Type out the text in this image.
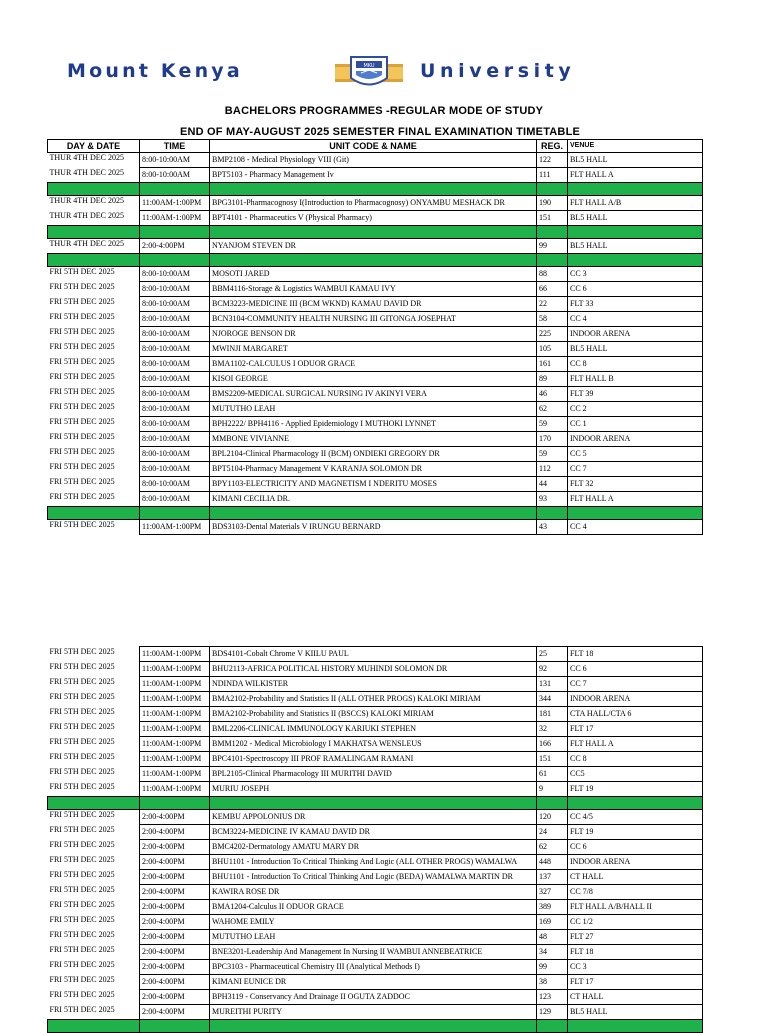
Mount Kenya	MKU University
BACHELORS PROGRAMMES -REGULAR MODE OF STUDY
END OF MAY-AUGUST 2025 SEMESTER FINAL EXAMINATION TIMETABLE
DAY & DATE	TIME	UNIT CODE & NAME	REG.	VENUE
THUR 4TH DEC 2025	8:00-10:00AM	BMP2108 - Medical Physiology VIII (Git)	122	BL5 HALL
THUR 4TH DEC 2025	8:00-10:00AM	BPT5103 - Pharmacy Management Iv	111	FLT HALL A

THUR 4TH DEC 2025	11:00AM-1:00PM	BPG3101-Pharmacognosy I(Introduction to Pharmacognosy) ONYAMBU MESHACK DR	190	FLT HALL A/B
THUR 4TH DEC 2025	11:00AM-1:00PM	BPT4101 - Pharmaceutics V (Physical Pharmacy)	151	BL5 HALL

THUR 4TH DEC 2025	2:00-4:00PM	NYANJOM STEVEN DR	99	BL5 HALL

FRI 5TH DEC 2025	8:00-10:00AM	MOSOTI JARED	88	CC 3
FRI 5TH DEC 2025	8:00-10:00AM	BBM4116-Storage & Logistics WAMBUI KAMAU IVY	66	CC 6
FRI 5TH DEC 2025	8:00-10:00AM	BCM3223-MEDICINE III (BCM WKND) KAMAU DAVID DR	22	FLT 33
FRI 5TH DEC 2025	8:00-10:00AM	BCN3104-COMMUNITY HEALTH NURSING III GITONGA JOSEPHAT	58	CC 4
FRI 5TH DEC 2025	8:00-10:00AM	NJOROGE BENSON DR	225	INDOOR ARENA
FRI 5TH DEC 2025	8:00-10:00AM	MWINJI MARGARET	105	BL5 HALL
FRI 5TH DEC 2025	8:00-10:00AM	BMA1102-CALCULUS I ODUOR GRACE	161	CC 8
FRI 5TH DEC 2025	8:00-10:00AM	KISOI GEORGE	89	FLT HALL B
FRI 5TH DEC 2025	8:00-10:00AM	BMS2209-MEDICAL SURGICAL NURSING IV AKINYI VERA	46	FLT 39
FRI 5TH DEC 2025	8:00-10:00AM	MUTUTHO LEAH	62	CC 2
FRI 5TH DEC 2025	8:00-10:00AM	BPH2222/ BPH4116 - Applied Epidemiology I MUTHOKI LYNNET	59	CC 1
FRI 5TH DEC 2025	8:00-10:00AM	MMBONE VIVIANNE	170	INDOOR ARENA
FRI 5TH DEC 2025	8:00-10:00AM	BPL2104-Clinical Pharmacology II (BCM) ONDIEKI GREGORY DR	59	CC 5
FRI 5TH DEC 2025	8:00-10:00AM	BPT5104-Pharmacy Management V KARANJA SOLOMON DR	112	CC 7
FRI 5TH DEC 2025	8:00-10:00AM	BPY1103-ELECTRICITY AND MAGNETISM I NDERITU MOSES	44	FLT 32
FRI 5TH DEC 2025	8:00-10:00AM	KIMANI CECILIA DR.	93	FLT HALL A

FRI 5TH DEC 2025	11:00AM-1:00PM	BDS3103-Dental Materials V IRUNGU BERNARD	43	CC 4
FRI 5TH DEC 2025	11:00AM-1:00PM	BDS4101-Cobalt Chrome V KIILU PAUL	25	FLT 18
FRI 5TH DEC 2025	11:00AM-1:00PM	BHU2113-AFRICA POLITICAL HISTORY MUHINDI SOLOMON DR	92	CC 6
FRI 5TH DEC 2025	11:00AM-1:00PM	NDINDA WILKISTER	131	CC 7
FRI 5TH DEC 2025	11:00AM-1:00PM	BMA2102-Probability and Statistics II (ALL OTHER PROGS) KALOKI MIRIAM	344	INDOOR ARENA
FRI 5TH DEC 2025	11:00AM-1:00PM	BMA2102-Probability and Statistics II (BSCCS) KALOKI MIRIAM	181	CTA HALL/CTA 6
FRI 5TH DEC 2025	11:00AM-1:00PM	BML2206-CLINICAL IMMUNOLOGY KARIUKI STEPHEN	32	FLT 17
FRI 5TH DEC 2025	11:00AM-1:00PM	BMM1202 - Medical Microbiology I MAKHATSA WENSLEUS	166	FLT HALL A
FRI 5TH DEC 2025	11:00AM-1:00PM	BPC4101-Spectroscopy III PROF RAMALINGAM RAMANI	151	CC 8
FRI 5TH DEC 2025	11:00AM-1:00PM	BPL2105-Clinical Pharmacology III MURITHI DAVID	61	CC5
FRI 5TH DEC 2025	11:00AM-1:00PM	MURIU JOSEPH	9	FLT 19

FRI 5TH DEC 2025	2:00-4:00PM	KEMBU APPOLONIUS DR	120	CC 4/5
FRI 5TH DEC 2025	2:00-4:00PM	BCM3224-MEDICINE IV KAMAU DAVID DR	24	FLT 19
FRI 5TH DEC 2025	2:00-4:00PM	BMC4202-Dermatology AMATU MARY DR	62	CC 6
FRI 5TH DEC 2025	2:00-4:00PM	BHU1101 - Introduction To Critical Thinking And Logic (ALL OTHER PROGS) WAMALWA	448	INDOOR ARENA
FRI 5TH DEC 2025	2:00-4:00PM	BHU1101 - Introduction To Critical Thinking And Logic (BEDA) WAMALWA MARTIN DR	137	CT HALL
FRI 5TH DEC 2025	2:00-4:00PM	KAWIRA ROSE DR	327	CC 7/8
FRI 5TH DEC 2025	2:00-4:00PM	BMA1204-Calculus II ODUOR GRACE	389	FLT HALL A/B/HALL II
FRI 5TH DEC 2025	2:00-4:00PM	WAHOME EMILY	169	CC 1/2
FRI 5TH DEC 2025	2:00-4:00PM	MUTUTHO LEAH	48	FLT 27
FRI 5TH DEC 2025	2:00-4:00PM	BNE3201-Leadership And Management In Nursing II WAMBUI ANNEBEATRICE	34	FLT 18
FRI 5TH DEC 2025	2:00-4:00PM	BPC3103 - Pharmaceutical Chemistry III (Analytical Methods I)	99	CC 3
FRI 5TH DEC 2025	2:00-4:00PM	KIMANI EUNICE DR	38	FLT 17
FRI 5TH DEC 2025	2:00-4:00PM	BPH3119 - Conservancy And Drainage II OGUTA ZADDOC	123	CT HALL
FRI 5TH DEC 2025	2:00-4:00PM	MUREITHI PURITY	129	BL5 HALL
